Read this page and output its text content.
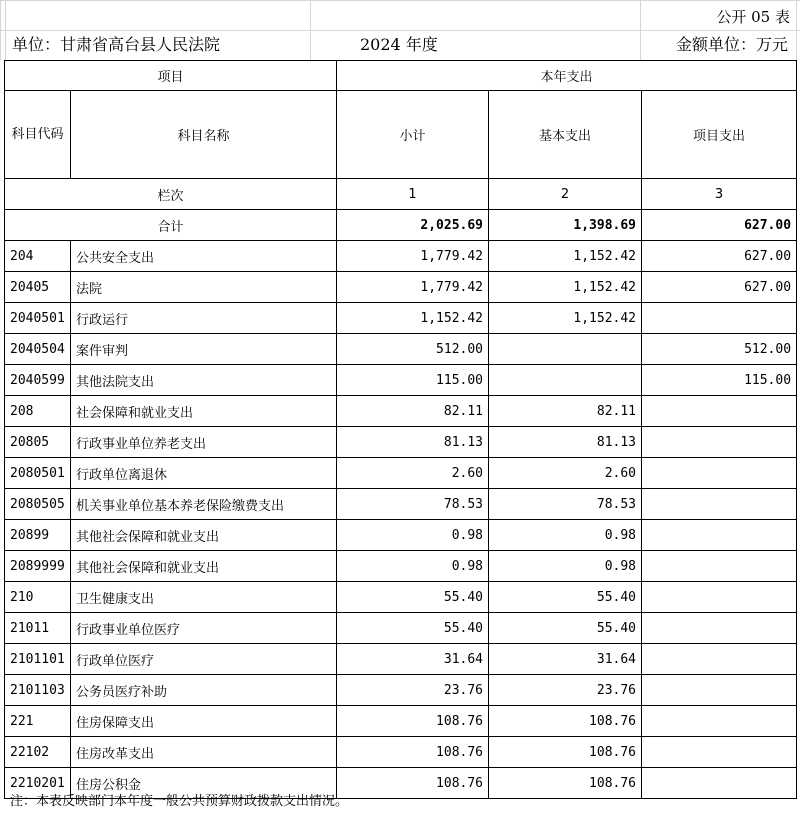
公开 05 表
单位：甘肃省高台县人民法院	2024 年度	金额单位：万元
项目		本年支出		
科目代码	科目名称	小计	基本支出	项目支出
栏次		1	2	3
合计		2,025.69	1,398.69	627.00
204	公共安全支出	1,779.42	1,152.42	627.00
20405	法院	1,779.42	1,152.42	627.00
2040501	行政运行	1,152.42	1,152.42	
2040504	案件审判	512.00		512.00
2040599	其他法院支出	115.00		115.00
208	社会保障和就业支出	82.11	82.11	
20805	行政事业单位养老支出	81.13	81.13	
2080501	行政单位离退休	2.60	2.60	
2080505	机关事业单位基本养老保险缴费支出	78.53	78.53	
20899	其他社会保障和就业支出	0.98	0.98	
2089999	其他社会保障和就业支出	0.98	0.98	
210	卫生健康支出	55.40	55.40	
21011	行政事业单位医疗	55.40	55.40	
2101101	行政单位医疗	31.64	31.64	
2101103	公务员医疗补助	23.76	23.76	
221	住房保障支出	108.76	108.76	
22102	住房改革支出	108.76	108.76	
2210201	住房公积金	108.76	108.76	
注：本表反映部门本年度一般公共预算财政拨款支出情况。
